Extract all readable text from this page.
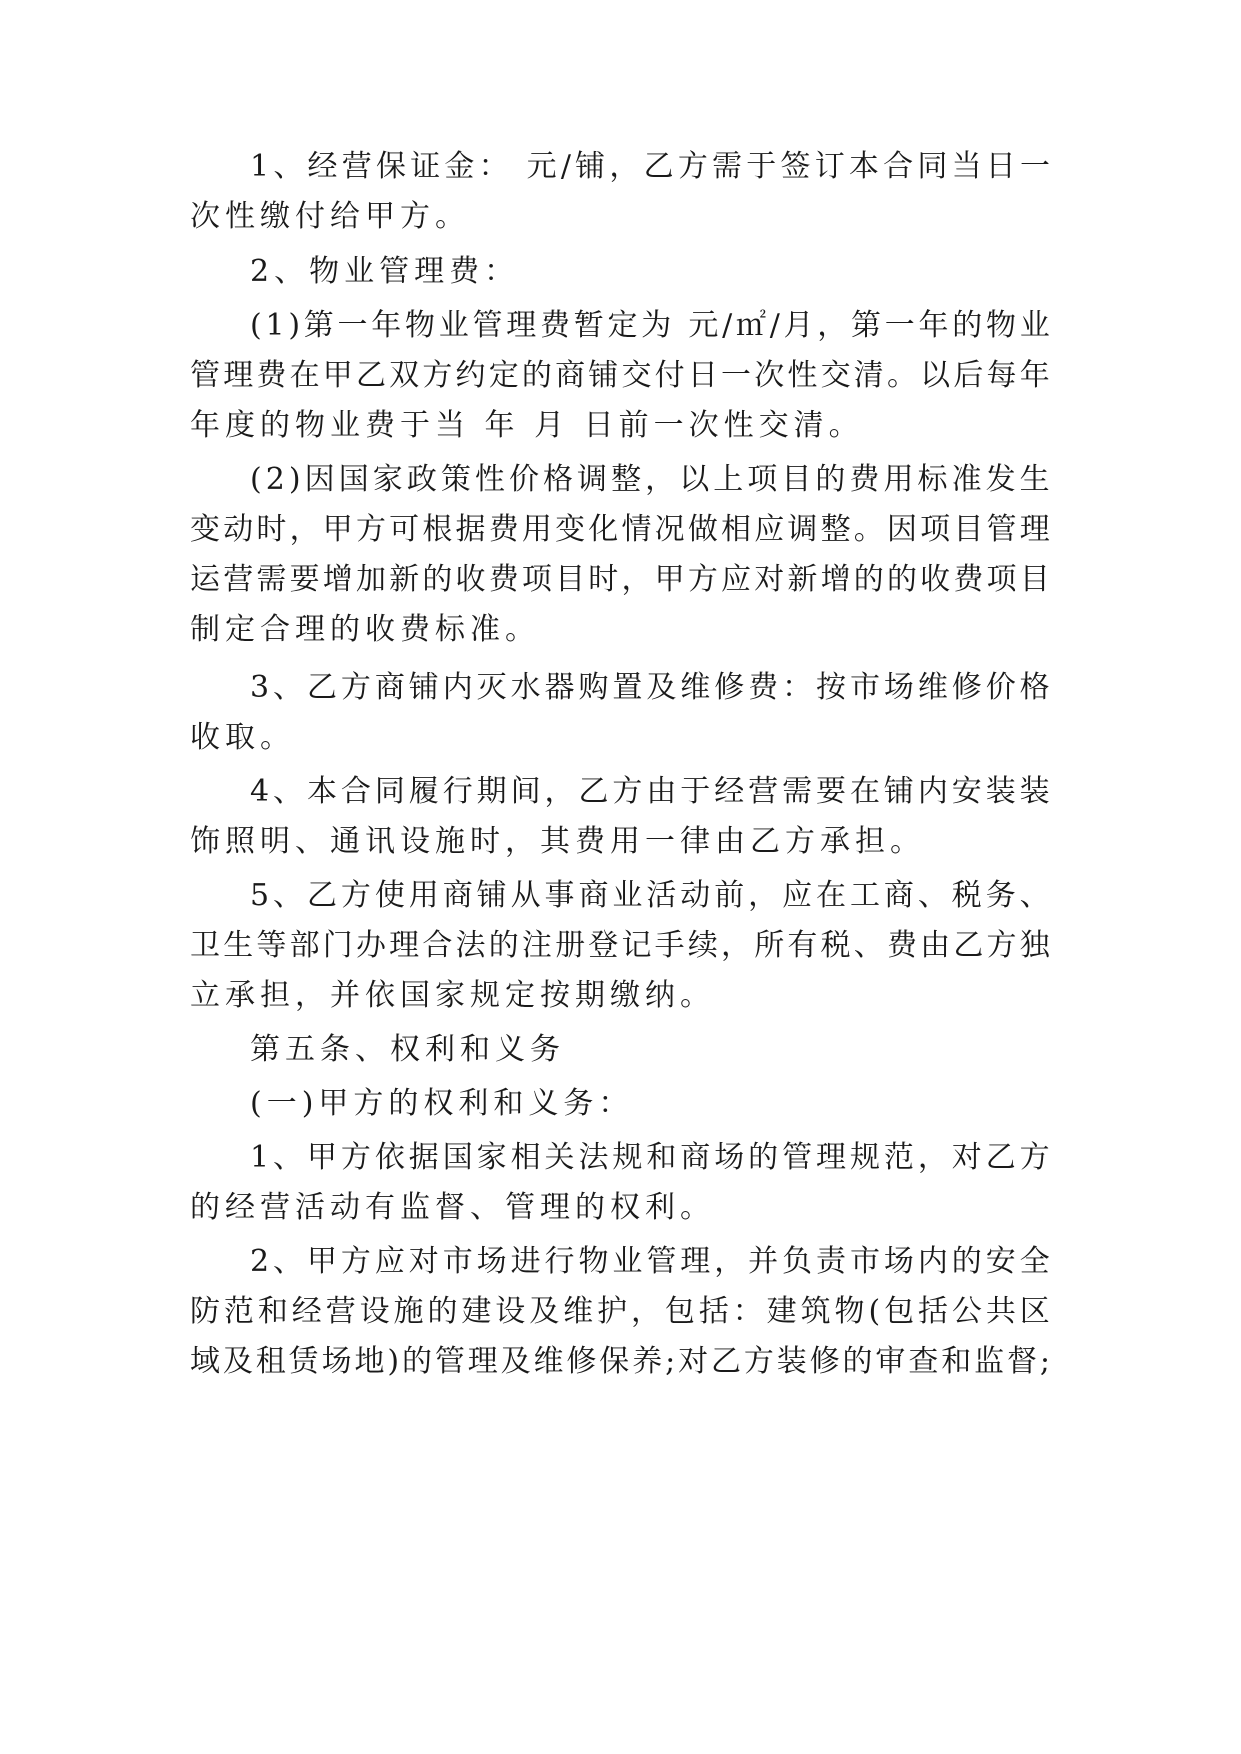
1 、 经 营 保 证 金 ：
元 / 铺 ， 乙 方 需 于 签 订 本 合 同 当 日 一
次性缴付给甲方。
2、物业管理费：
( 1 ) 第 一 年 物 业 管 理 费 暂 定 为
元 / ㎡ / 月 ， 第 一 年 的 物 业
管 理 费 在 甲 乙 双 方 约 定 的 商 铺 交 付 日 一 次 性 交 清 。 以 后 每 年
年度的物业费于当 年 月 日前一次性交清。
( 2 ) 因 国 家 政 策 性 价 格 调 整 ， 以 上 项 目 的 费 用 标 准 发 生
变 动 时 ， 甲 方 可 根 据 费 用 变 化 情 况 做 相 应 调 整 。 因 项 目 管 理
运 营 需 要 增 加 新 的 收 费 项 目 时 ， 甲 方 应 对 新 增 的 的 收 费 项 目
制定合理的收费标准。
3 、 乙 方 商 铺 内 灭 水 器 购 置 及 维 修 费 ： 按 市 场 维 修 价 格
收取。
4 、 本 合 同 履 行 期 间 ， 乙 方 由 于 经 营 需 要 在 铺 内 安 装 装
饰照明、通讯设施时，其费用一律由乙方承担。
5 、 乙 方 使 用 商 铺 从 事 商 业 活 动 前 ， 应 在 工 商 、 税 务 、
卫 生 等 部 门 办 理 合 法 的 注 册 登 记 手 续 ， 所 有 税 、 费 由 乙 方 独
立承担，并依国家规定按期缴纳。
第五条、权利和义务
(一)甲方的权利和义务：
1 、 甲 方 依 据 国 家 相 关 法 规 和 商 场 的 管 理 规 范 ， 对 乙 方
的经营活动有监督、管理的权利。
2 、 甲 方 应 对 市 场 进 行 物 业 管 理 ， 并 负 责 市 场 内 的 安 全
防 范 和 经 营 设 施 的 建 设 及 维 护 ， 包 括 ： 建 筑 物 ( 包 括 公 共 区
域 及 租 赁 场 地 ) 的 管 理 及 维 修 保 养 ; 对 乙 方 装 修 的 审 查 和 监 督 ;
